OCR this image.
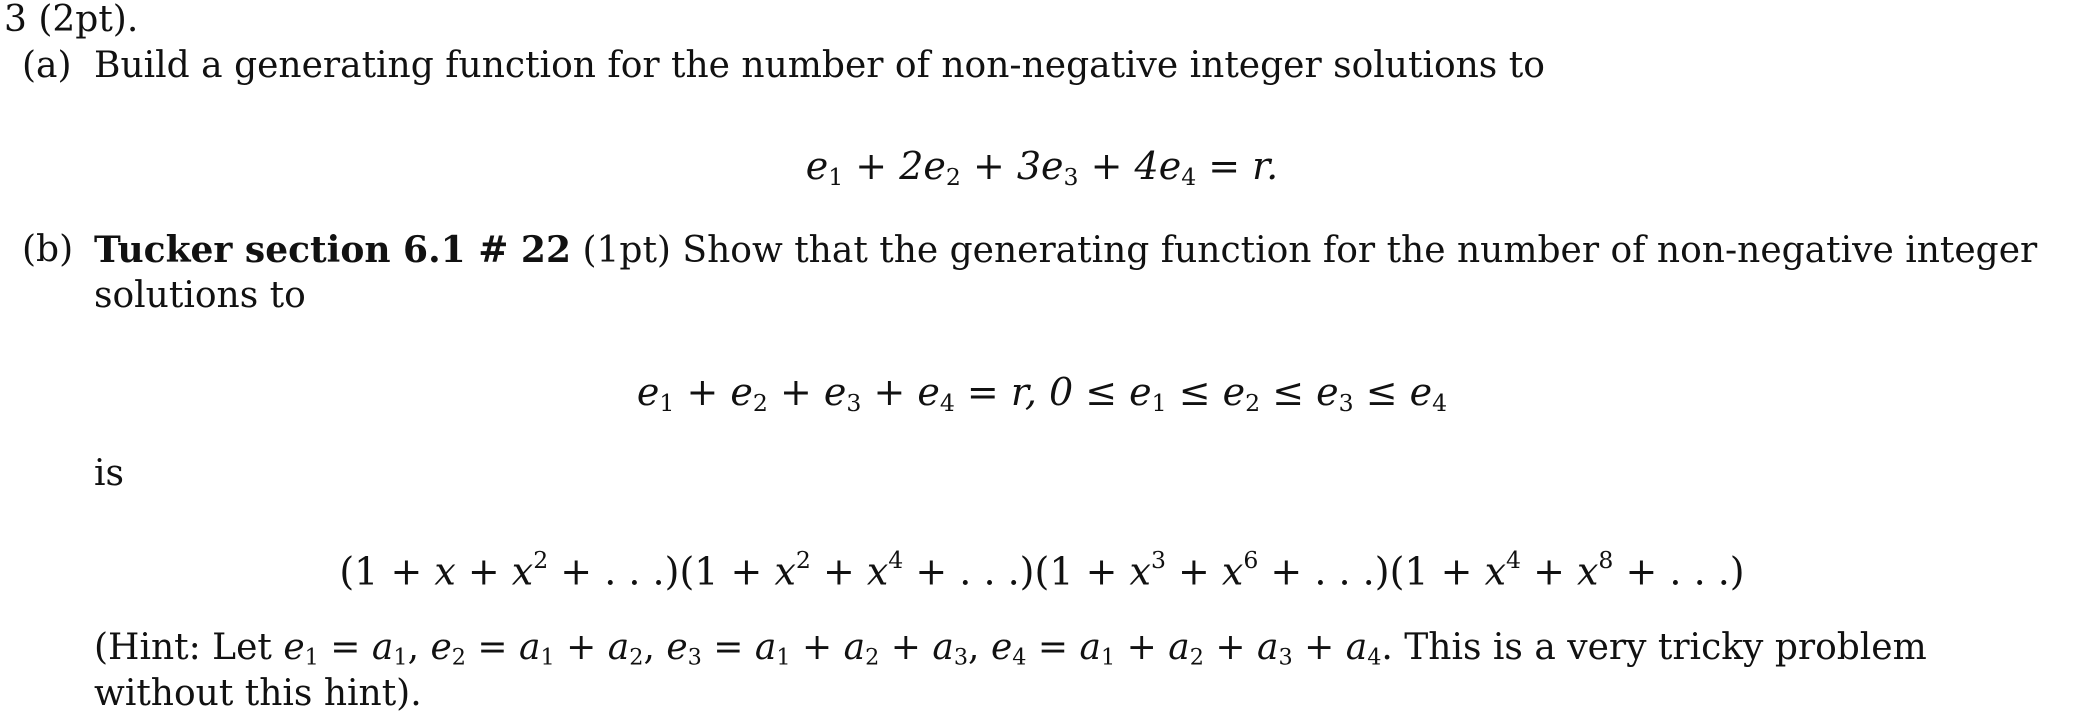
3 (2pt).
(a) Build a generating function for the number of non-negative integer solutions to
$e_1 + 2e_2 + 3e_3 + 4e_4 = r$.
(b) Tucker section 6.1 # 22 (1pt) Show that the generating function for the number of non-negative integer
solutions to
$e_1 + e_2 + e_3 + e_4 = r$, $0 \le e_1 \le e_2 \le e_3 \le e_4$
is
($1 + x + x^2$ + . . $.)(1 + x^2 + x^4$ + . . $.)(1 + x^3 + x^6$ + . . $.)(1 + x^4 + x^8$ + . . .)
(Hint: Let $e_1 = a_1$, $e_2 = a_1 + a_2$, $e_3 = a_1 + a_2 + a_3$, $e_4 = a_1 + a_2 + a_3 + a_4$. This is a very tricky problem
without this hint).
